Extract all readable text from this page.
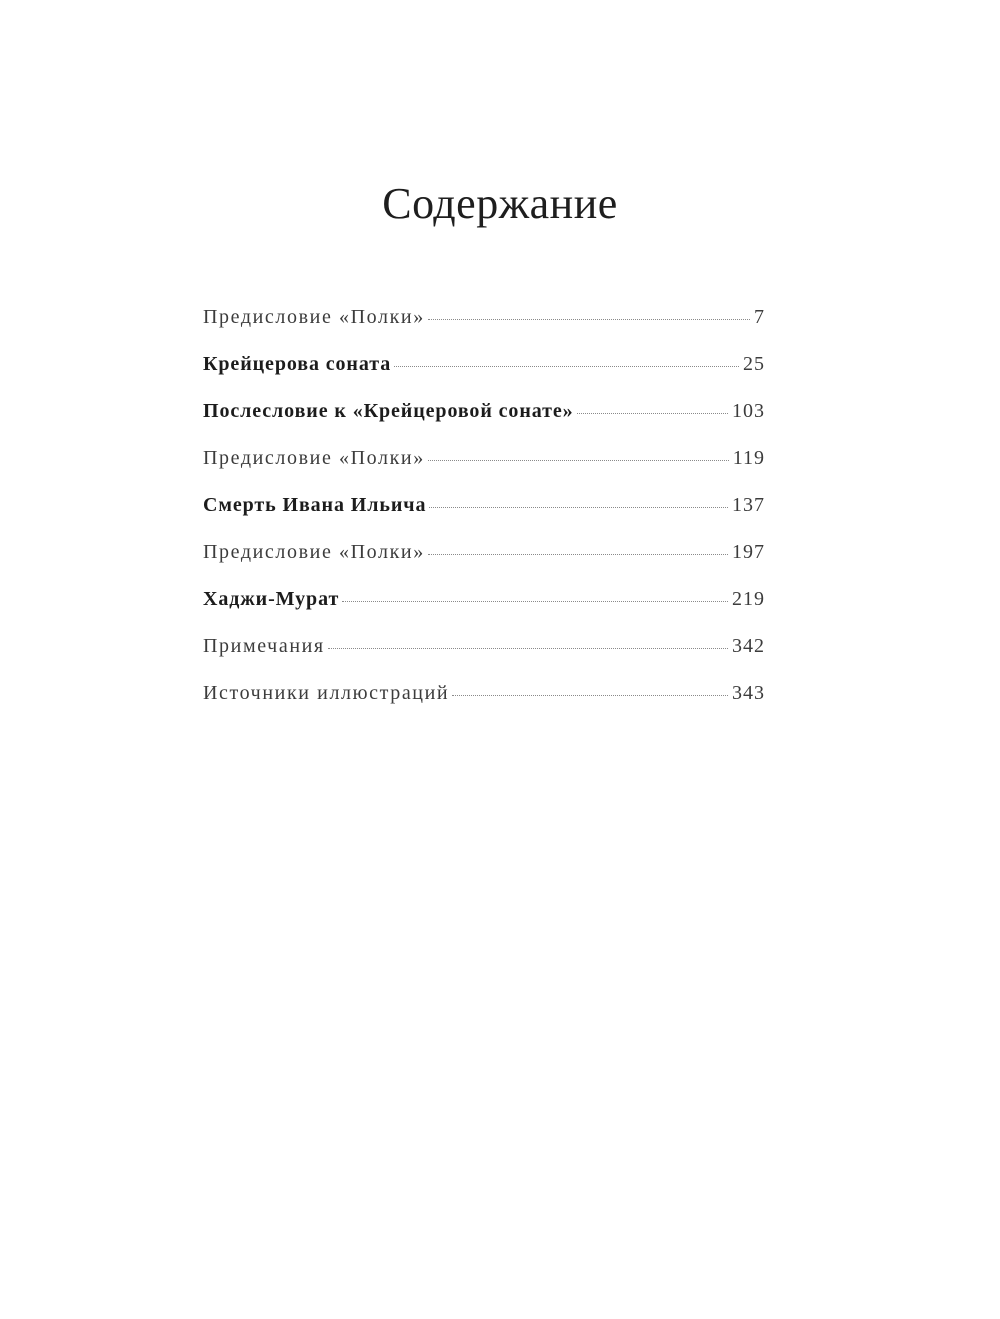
Содержание
Предисловие «Полки»	7
Крейцерова соната	25
Послесловие к «Крейцеровой сонате»	103
Предисловие «Полки»	119
Смерть Ивана Ильича	137
Предисловие «Полки»	197
Хаджи-Мурат	219
Примечания	342
Источники иллюстраций	343
